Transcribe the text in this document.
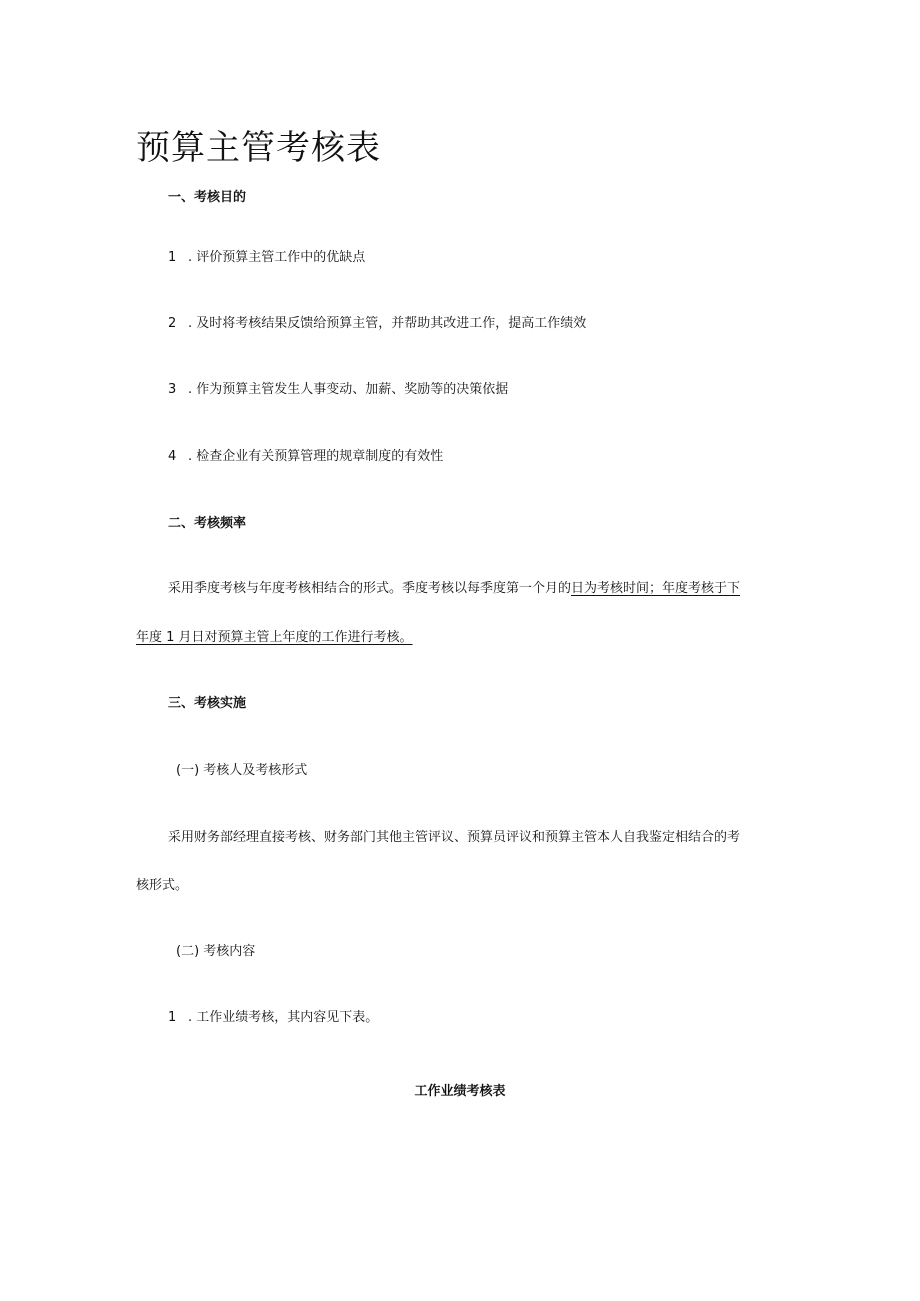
预算主管考核表
一、考核目的
1 . 评价预算主管工作中的优缺点
2 . 及时将考核结果反馈给预算主管，并帮助其改进工作，提高工作绩效
3 . 作为预算主管发生人事变动、加薪、奖励等的决策依据
4 . 检查企业有关预算管理的规章制度的有效性
二、考核频率
采用季度考核与年度考核相结合的形式。季度考核以每季度第一个月的日为考核时间；年度考核于下
年度 1 月日对预算主管上年度的工作进行考核。
三、考核实施
(一) 考核人及考核形式
采用财务部经理直接考核、财务部门其他主管评议、预算员评议和预算主管本人自我鉴定相结合的考
核形式。
(二) 考核内容
1 . 工作业绩考核，其内容见下表。
工作业绩考核表
